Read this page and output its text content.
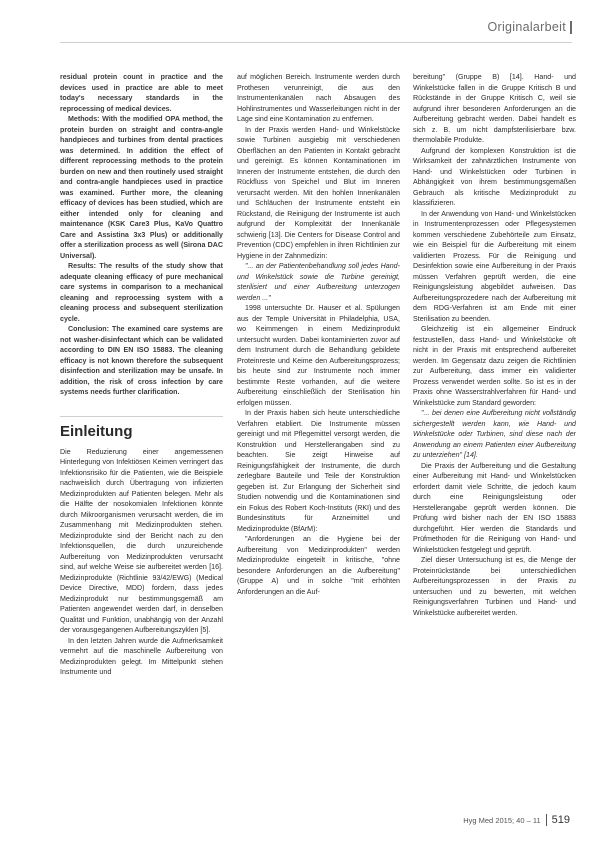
Originalarbeit

residual protein count in practice and the devices used in practice are able to meet today's necessary standards in the reprocessing of medical devices.

Methods: With the modified OPA method, the protein burden on straight and contra-angle handpieces and turbines from dental practices was determined. In addition the effect of different reprocessing methods to the protein burden on new and then routinely used straight and contra-angle handpieces used in practice was examined. Further more, the cleaning efficacy of devices has been studied, which are either intended only for cleaning and maintenance (KSK Care3 Plus, KaVo Quattro Care and Assistina 3x3 Plus) or additionally offer a sterilization process as well (Sirona DAC Universal).

Results: The results of the study show that adequate cleaning efficacy of pure mechanical care systems in comparison to a mechanical cleaning and reprocessing system with a cleaning process and subsequent sterilization cycle.

Conclusion: The examined care systems are not washer-disinfectant which can be validated according to DIN EN ISO 15883. The cleaning efficacy is not known therefore the subsequent disinfection and sterilization may be unsafe. In addition, the risk of cross infection by care systems needs further clarification.

Einleitung

Die Reduzierung einer angemessenen Hinterlegung von Infektiösen Keimen verringert das Infektionsrisiko für die Patienten, wie die Beispiele nachweislich durch Übertragung von infizierten Medizinprodukten auf Patienten belegen. Mehr als die Hälfte der nosokomialen Infektionen könnte durch Mikroorganismen verursacht werden, die im Zusammenhang mit Medizinprodukten stehen. Medizinprodukte sind der Bericht nach zu den Infektionsquellen, die durch unzureichende Aufbereitung von Medizinprodukten verursacht sind, auf welche Weise sie aufbereitet werden [16]. Medizinprodukte (Richtlinie 93/42/EWG) (Medical Device Directive, MDD) fordern, dass jedes Medizinprodukt nur bestimmungsgemäß am Patienten angewendet werden darf, in denselben Qualität und Funktion, unabhängig von der Anzahl der vorausgegangenen Aufbereitungszyklen [5].

In den letzten Jahren wurde die Aufmerksamkeit vermehrt auf die maschinelle Aufbereitung von Medizinprodukten gelegt. Im Mittelpunkt stehen Instrumente und

auf möglichen Bereich. Instrumente werden durch Prothesen verunreinigt, die aus den Instrumentenkanälen nach Absaugen des Hohlinstrumentes und Wasserleitungen nicht in der Lage sind eine Kontamination zu entfernen.

In der Praxis werden Hand- und Winkelstücke sowie Turbinen ausgiebig mit verschiedenen Oberflächen an den Patienten in Kontakt gebracht und gereinigt. Es können Kontaminationen im Inneren der Instrumente entstehen, die durch den Rückfluss von Speichel und Blut im Inneren verursacht werden. Mit den hohlen Innenkanälen und Schläuchen der Instrumente entsteht ein Rückstand, die Reinigung der Instrumente ist auch aufgrund der Komplexität der Innenkanäle schwierig [13]. Die Centers for Disease Control and Prevention (CDC) empfehlen in ihren Richtlinien zur Hygiene in der Zahnmedizin:

"... an der Patientenbehandlung soll jedes Hand- und Winkelstück sowie die Turbine gereinigt, sterilisiert und einer Aufbereitung unterzogen werden ..."

1998 untersuchte Dr. Hauser et al. Spülungen aus der Temple Universität in Philadelphia, USA, wo Keimmengen in einem Medizinprodukt untersucht wurden. Dabei kontaminierten zuvor auf dem Instrument durch die Behandlung gebildete Proteinreste und Keime den Aufbereitungsprozess; bis heute sind zur Instrumente noch immer bestimmte Reste vorhanden, auf die weitere Aufbereitung einschließlich der Sterilisation hin erfolgen müssen.

In der Praxis haben sich heute unterschiedliche Verfahren etabliert. Die Instrumente müssen gereinigt und mit Pflegemittel versorgt werden, die Konstruktion und Herstellerangaben sind zu beachten. Sie zeigt Hinweise auf Reinigungsfähigkeit der Instrumente, die durch zerlegbare Bauteile und Teile der Konstruktion gegeben ist. Zur Erlangung der Sicherheit sind Studien notwendig und die Kontaminationen sind ein Fokus des Robert Koch-Instituts (RKI) und des Bundesinstituts für Arzneimittel und Medizinprodukte (BfArM):

"Anforderungen an die Hygiene bei der Aufbereitung von Medizinprodukten" werden Medizinprodukte eingeteilt in kritische, "ohne besondere Anforderungen an die Aufbereitung" (Gruppe A) und in solche "mit erhöhten Anforderungen an die Auf-

bereitung" (Gruppe B) [14]. Hand- und Winkelstücke fallen in die Gruppe Kritisch B und Rückstände in der Gruppe Kritisch C, weil sie aufgrund ihrer besonderen Anforderungen an die Aufbereitung gebracht werden. Dabei handelt es sich z. B. um nicht dampfsterilisierbare bzw. thermolabile Produkte.

Aufgrund der komplexen Konstruktion ist die Wirksamkeit der zahnärztlichen Instrumente von Hand- und Winkelstücken oder Turbinen in Abhängigkeit von ihrem bestimmungsgemäßen Gebrauch als kritische Medizinprodukt zu klassifizieren.

In der Anwendung von Hand- und Winkelstücken in Instrumentenprozessen oder Pflegesystemen kommen verschiedene Zubehörteile zum Einsatz, wie ein Beispiel für die Aufbereitung mit einem validierten Prozess. Für die Reinigung und Desinfektion sowie eine Aufbereitung in der Praxis müssen Verfahren geprüft werden, die eine Reinigungsleistung abgebildet aufweisen. Das Aufbereitungsprozedere nach der Aufbereitung mit dem RDG-Verfahren ist am Ende mit einer Sterilisation zu beenden.

Gleichzeitig ist ein allgemeiner Eindruck festzustellen, dass Hand- und Winkelstücke oft nicht in der Praxis mit entsprechend aufbereitet werden. Im Gegensatz dazu zeigen die Richtlinien zur Aufbereitung, dass immer ein validierter Prozess verwendet werden sollte. So ist es in der Praxis ohne Wasserstrahlverfahren für Hand- und Winkelstücke zum Standard geworden:

"... bei denen eine Aufbereitung nicht vollständig sichergestellt werden kann, wie Hand- und Winkelstücke oder Turbinen, sind diese nach der Anwendung an einem Patienten einer Aufbereitung zu unterziehen" [14].

Die Praxis der Aufbereitung und die Gestaltung einer Aufbereitung mit Hand- und Winkelstücken erfordert damit viele Schritte, die jedoch kaum durch eine Reinigungsleistung oder Herstellerangabe geprüft werden können. Die Prüfung wird bisher nach der EN ISO 15883 durchgeführt. Hier werden die Standards und Prüfmethoden für die Reinigung von Hand- und Winkelstücken festgelegt und geprüft.

Ziel dieser Untersuchung ist es, die Menge der Proteinrückstände bei unterschiedlichen Aufbereitungsprozessen in der Praxis zu untersuchen und zu bewerten, mit welchen Reinigungsverfahren Turbinen und Hand- und Winkelstücke aufbereitet werden.

Hyg Med 2015; 40 – 11 519
